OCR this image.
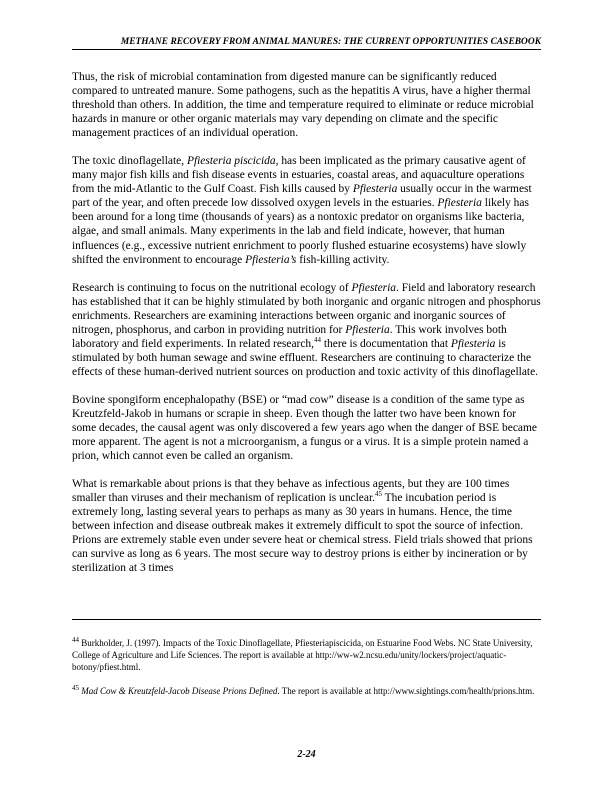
METHANE RECOVERY FROM ANIMAL MANURES: THE CURRENT OPPORTUNITIES CASEBOOK

Thus, the risk of microbial contamination from digested manure can be significantly reduced compared to untreated manure. Some pathogens, such as the hepatitis A virus, have a higher thermal threshold than others. In addition, the time and temperature required to eliminate or reduce microbial hazards in manure or other organic materials may vary depending on climate and the specific management practices of an individual operation.

The toxic dinoflagellate, Pfiesteria piscicida, has been implicated as the primary causative agent of many major fish kills and fish disease events in estuaries, coastal areas, and aquaculture operations from the mid-Atlantic to the Gulf Coast. Fish kills caused by Pfiesteria usually occur in the warmest part of the year, and often precede low dissolved oxygen levels in the estuaries. Pfiesteria likely has been around for a long time (thousands of years) as a nontoxic predator on organisms like bacteria, algae, and small animals. Many experiments in the lab and field indicate, however, that human influences (e.g., excessive nutrient enrichment to poorly flushed estuarine ecosystems) have slowly shifted the environment to encourage Pfiesteria’s fish-killing activity.

Research is continuing to focus on the nutritional ecology of Pfiesteria. Field and laboratory research has established that it can be highly stimulated by both inorganic and organic nitrogen and phosphorus enrichments. Researchers are examining interactions between organic and inorganic sources of nitrogen, phosphorus, and carbon in providing nutrition for Pfiesteria. This work involves both laboratory and field experiments. In related research,$^{44}$ there is documentation that Pfiesteria is stimulated by both human sewage and swine effluent. Researchers are continuing to characterize the effects of these human-derived nutrient sources on production and toxic activity of this dinoflagellate.

Bovine spongiform encephalopathy (BSE) or “mad cow” disease is a condition of the same type as Kreutzfeld-Jakob in humans or scrapie in sheep. Even though the latter two have been known for some decades, the causal agent was only discovered a few years ago when the danger of BSE became more apparent. The agent is not a microorganism, a fungus or a virus. It is a simple protein named a prion, which cannot even be called an organism.

What is remarkable about prions is that they behave as infectious agents, but they are 100 times smaller than viruses and their mechanism of replication is unclear.$^{45}$ The incubation period is extremely long, lasting several years to perhaps as many as 30 years in humans. Hence, the time between infection and disease outbreak makes it extremely difficult to spot the source of infection. Prions are extremely stable even under severe heat or chemical stress. Field trials showed that prions can survive as long as 6 years. The most secure way to destroy prions is either by incineration or by sterilization at 3 times

$^{44}$ Burkholder, J. (1997). Impacts of the Toxic Dinoflagellate, Pfiesteriapiscicida, on Estuarine Food Webs. NC State University, College of Agriculture and Life Sciences. The report is available at http://ww-w2.ncsu.edu/unity/lockers/project/aquatic-botony/pfiest.html.

$^{45}$ Mad Cow & Kreutzfeld-Jacob Disease Prions Defined. The report is available at http://www.sightings.com/health/prions.htm.

2-24
